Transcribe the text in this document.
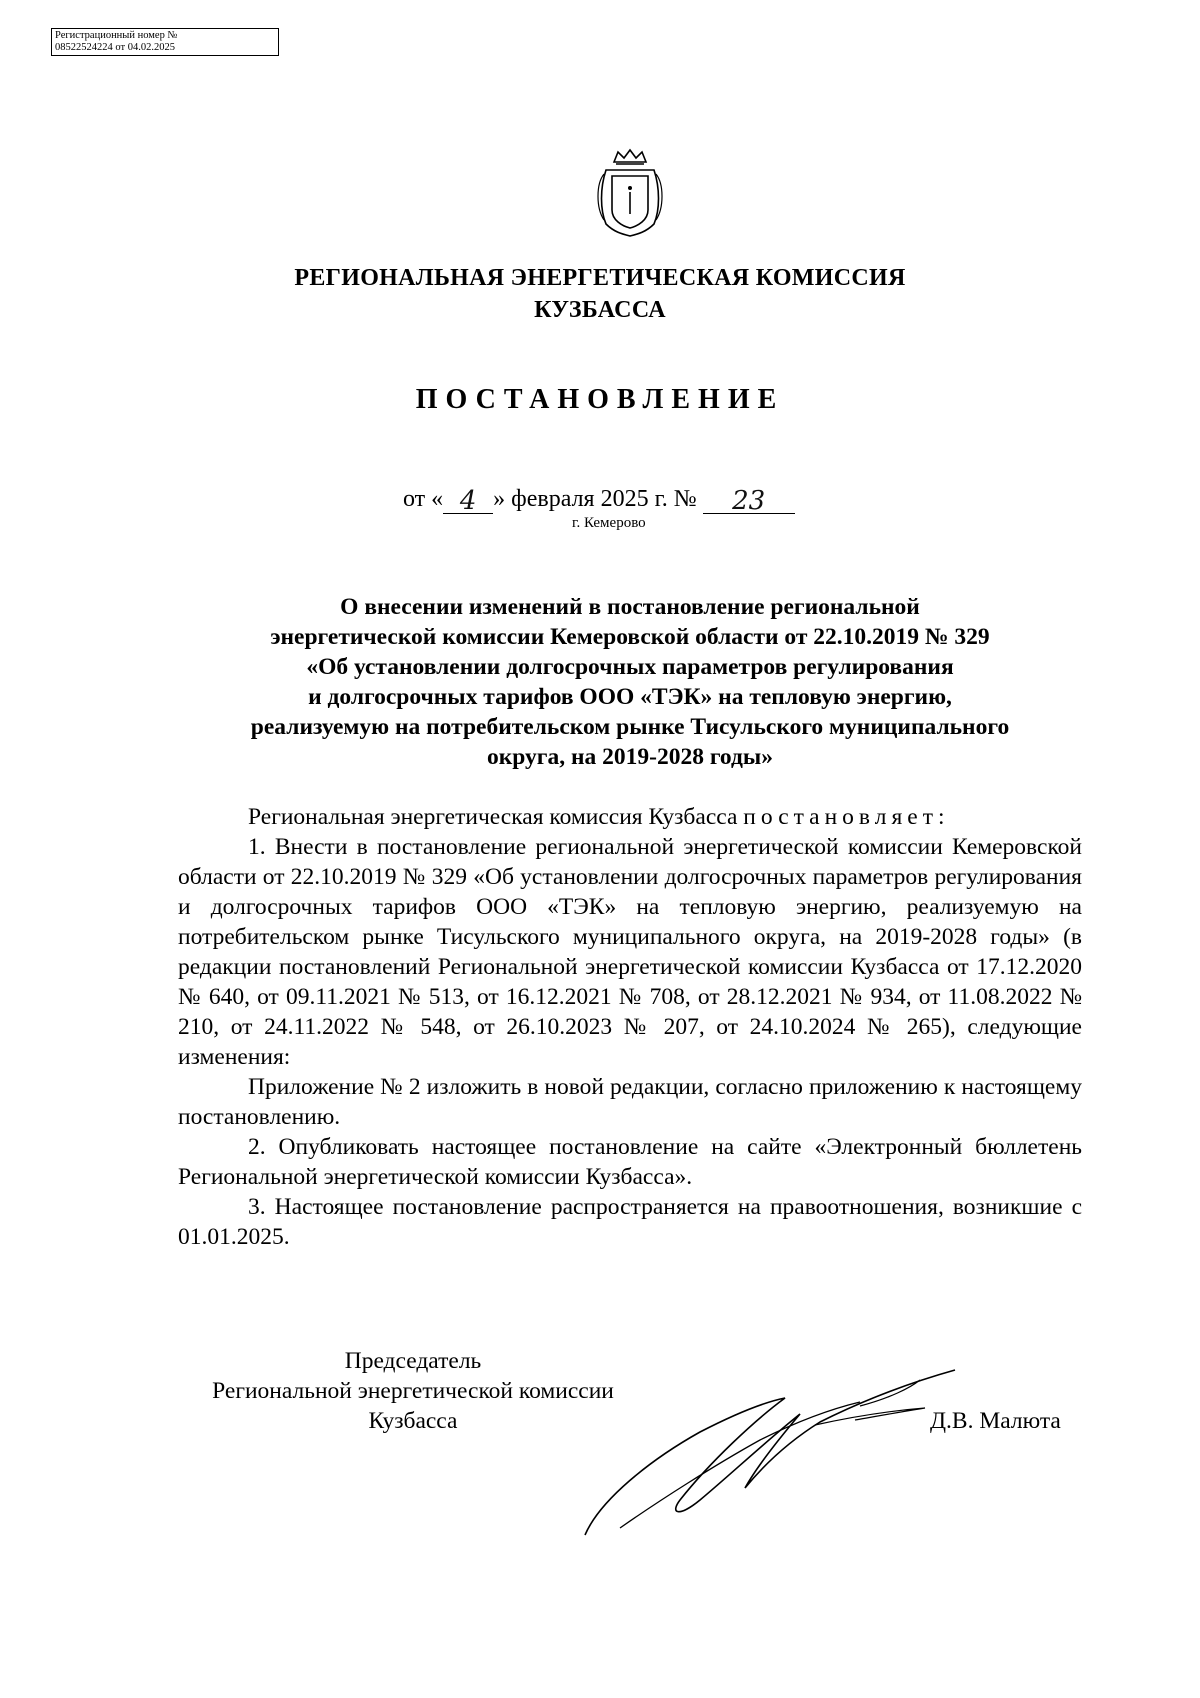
Регистрационный номер №
08522524224 от 04.02.2025
РЕГИОНАЛЬНАЯ ЭНЕРГЕТИЧЕСКАЯ КОМИССИЯ
КУЗБАССА
ПОСТАНОВЛЕНИЕ
от « 4 » февраля 2025 г. № 23
г. Кемерово
О внесении изменений в постановление региональной
энергетической комиссии Кемеровской области от 22.10.2019 № 329
«Об установлении долгосрочных параметров регулирования
и долгосрочных тарифов ООО «ТЭК» на тепловую энергию,
реализуемую на потребительском рынке Тисульского муниципального
округа, на 2019-2028 годы»

Региональная энергетическая комиссия Кузбасса постановляет:

1. Внести в постановление региональной энергетической комиссии Кемеровской области от 22.10.2019 № 329 «Об установлении долгосрочных параметров регулирования и долгосрочных тарифов ООО «ТЭК» на тепловую энергию, реализуемую на потребительском рынке Тисульского муниципального округа, на 2019-2028 годы» (в редакции постановлений Региональной энергетической комиссии Кузбасса от 17.12.2020 № 640, от 09.11.2021 № 513, от 16.12.2021 № 708, от 28.12.2021 № 934, от 11.08.2022 № 210, от 24.11.2022 № 548, от 26.10.2023 № 207, от 24.10.2024 № 265), следующие изменения:

Приложение № 2 изложить в новой редакции, согласно приложению к настоящему постановлению.

2. Опубликовать настоящее постановление на сайте «Электронный бюллетень Региональной энергетической комиссии Кузбасса».

3. Настоящее постановление распространяется на правоотношения, возникшие с 01.01.2025.

Председатель
Региональной энергетической комиссии
Кузбасса	Д.В. Малюта
